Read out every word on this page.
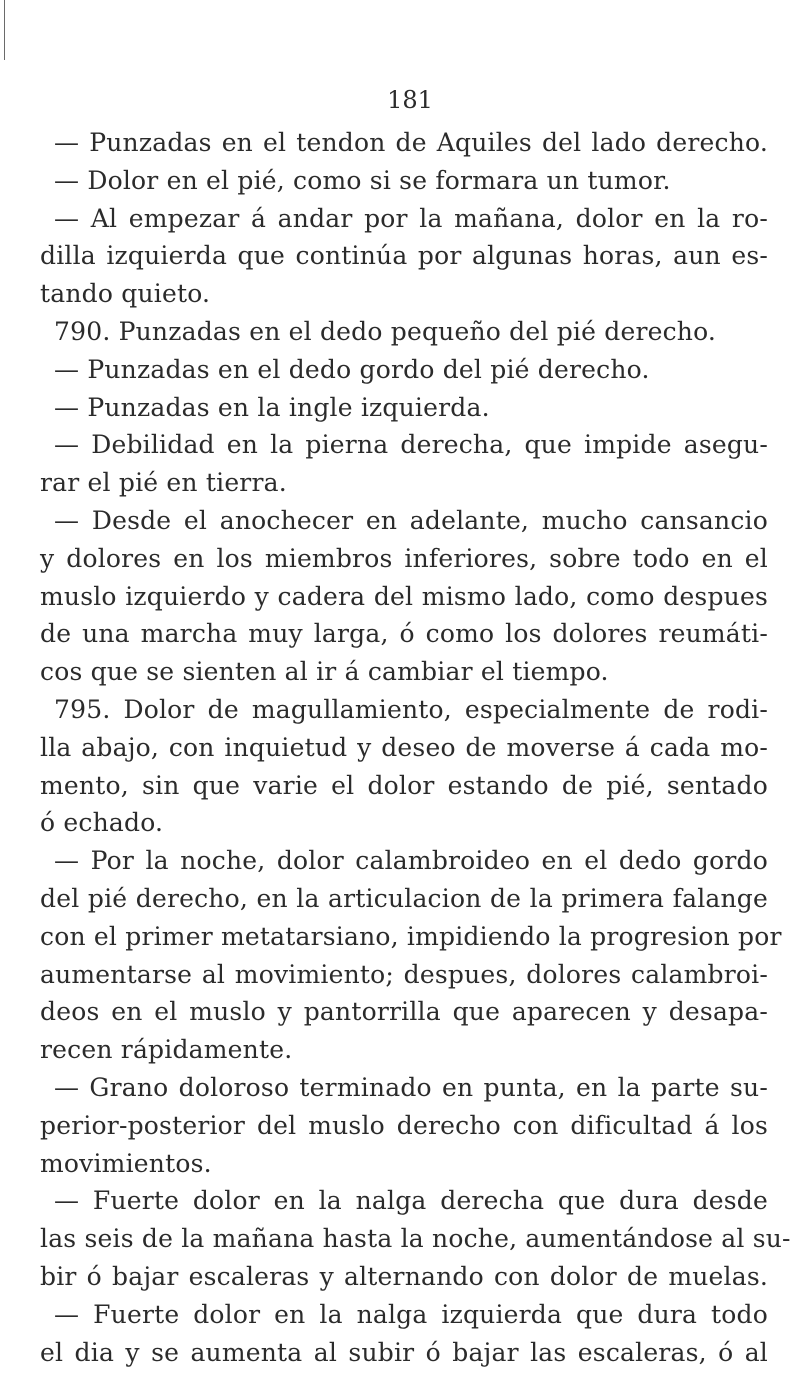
181
— Punzadas en el tendon de Aquiles del lado derecho.
— Dolor en el pié, como si se formara un tumor.
— Al empezar á andar por la mañana, dolor en la ro-
dilla izquierda que continúa por algunas horas, aun es-
tando quieto.
790. Punzadas en el dedo pequeño del pié derecho.
— Punzadas en el dedo gordo del pié derecho.
— Punzadas en la ingle izquierda.
— Debilidad en la pierna derecha, que impide asegu-
rar el pié en tierra.
— Desde el anochecer en adelante, mucho cansancio
y dolores en los miembros inferiores, sobre todo en el
muslo izquierdo y cadera del mismo lado, como despues
de una marcha muy larga, ó como los dolores reumáti-
cos que se sienten al ir á cambiar el tiempo.
795. Dolor de magullamiento, especialmente de rodi-
lla abajo, con inquietud y deseo de moverse á cada mo-
mento, sin que varie el dolor estando de pié, sentado
ó echado.
— Por la noche, dolor calambroideo en el dedo gordo
del pié derecho, en la articulacion de la primera falange
con el primer metatarsiano, impidiendo la progresion por
aumentarse al movimiento; despues, dolores calambroi-
deos en el muslo y pantorrilla que aparecen y desapa-
recen rápidamente.
— Grano doloroso terminado en punta, en la parte su-
perior-posterior del muslo derecho con dificultad á los
movimientos.
— Fuerte dolor en la nalga derecha que dura desde
las seis de la mañana hasta la noche, aumentándose al su-
bir ó bajar escaleras y alternando con dolor de muelas.
— Fuerte dolor en la nalga izquierda que dura todo
el dia y se aumenta al subir ó bajar las escaleras, ó al
